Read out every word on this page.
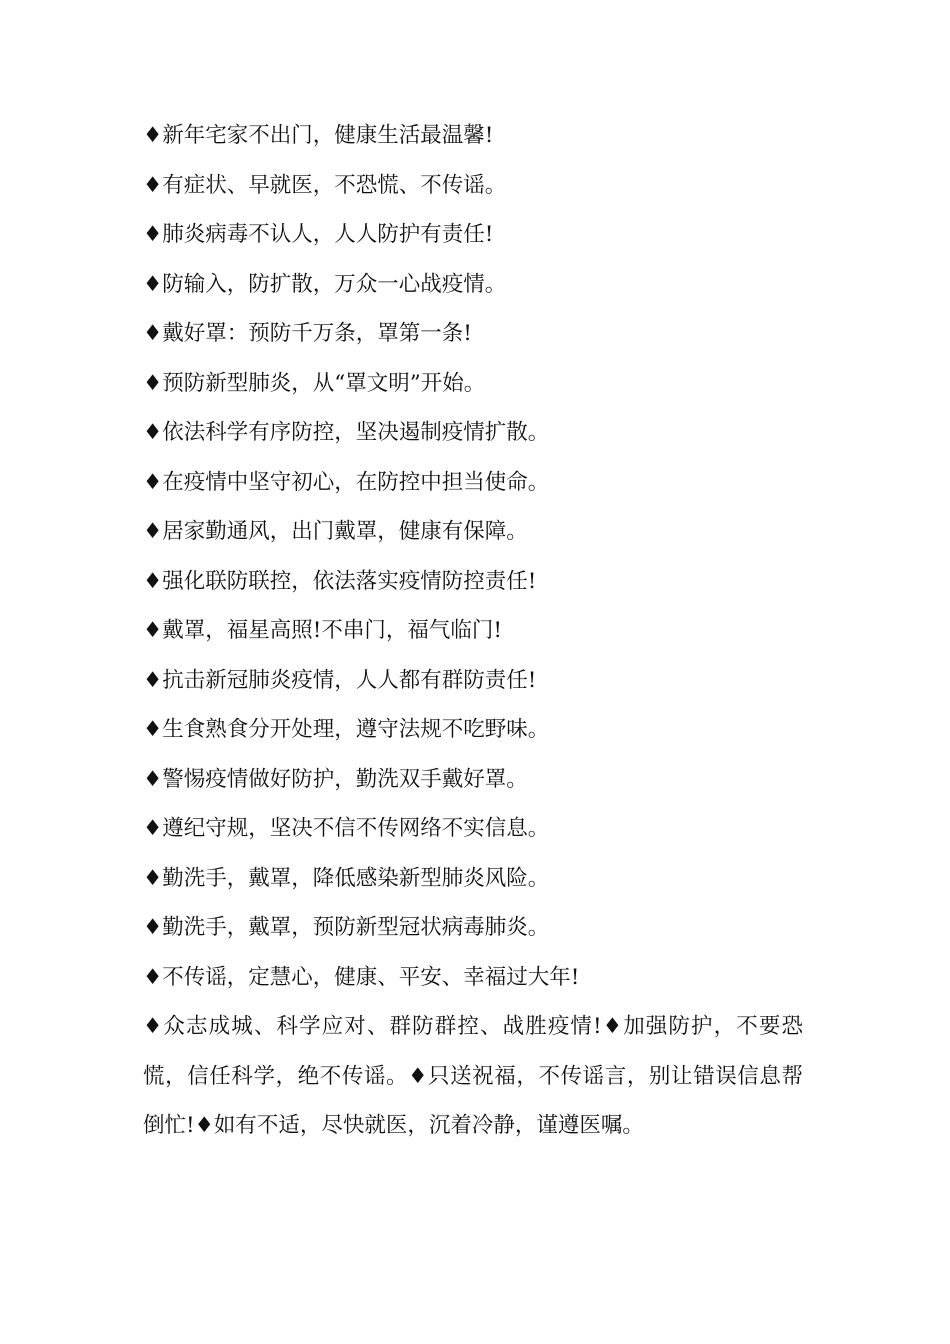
♦新年宅家不出门，健康生活最温馨!
♦有症状、早就医，不恐慌、不传谣。
♦肺炎病毒不认人，人人防护有责任!
♦防输入，防扩散，万众一心战疫情。
♦戴好罩：预防千万条，罩第一条!
♦预防新型肺炎，从“罩文明”开始。
♦依法科学有序防控，坚决遏制疫情扩散。
♦在疫情中坚守初心，在防控中担当使命。
♦居家勤通风，出门戴罩，健康有保障。
♦强化联防联控，依法落实疫情防控责任!
♦戴罩，福星高照!不串门，福气临门!
♦抗击新冠肺炎疫情，人人都有群防责任!
♦生食熟食分开处理，遵守法规不吃野味。
♦警惕疫情做好防护，勤洗双手戴好罩。
♦遵纪守规，坚决不信不传网络不实信息。
♦勤洗手，戴罩，降低感染新型肺炎风险。
♦勤洗手，戴罩，预防新型冠状病毒肺炎。
♦不传谣，定慧心，健康、平安、幸福过大年!
♦众志成城、科学应对、群防群控、战胜疫情!♦加强防护，不要恐慌，信任科学，绝不传谣。♦只送祝福，不传谣言，别让错误信息帮倒忙!♦如有不适，尽快就医，沉着冷静，谨遵医嘱。
